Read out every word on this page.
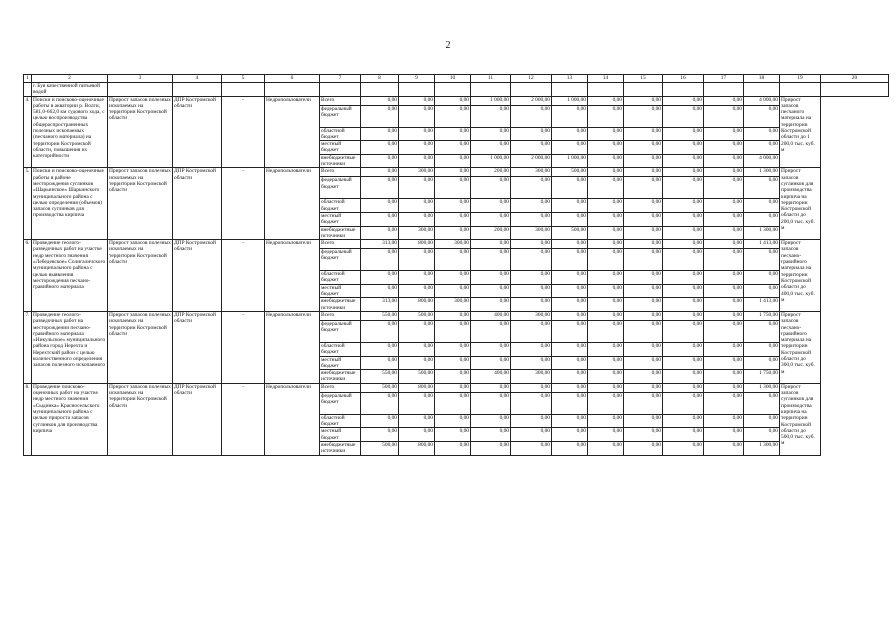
2
1	2	3	4	5	6	7	8	9	10	11	12	13	14	15	16	17	18	19	20
	г. Буя качественной питьевой водой																		
4.	Поиски и поисково-оценочные работы в акватории р. Волги, 581,0-662,0 км судового хода, с целью воспроизводства общераспространенных полезных ископаемых (песчаного материала) на территории Костромской области, повышения их категорийности	Прирост запасов полезных ископаемых на территории Костромской области	ДПР Костромской области	-	Недропользователи	Всего	0,00	0,00	0,00	1 000,00	2 000,00	1 000,00	0,00	0,00	0,00	0,00	4 000,00	Прирост запасов песчаного материала на территории Костромской области до 1 200,0 тыс. куб. м	
						федеральный бюджет	0,00	0,00	0,00	0,00	0,00	0,00	0,00	0,00	0,00	0,00	0,00		
						областной бюджет	0,00	0,00	0,00	0,00	0,00	0,00	0,00	0,00	0,00	0,00	0,00		
						местный бюджет	0,00	0,00	0,00	0,00	0,00	0,00	0,00	0,00	0,00	0,00	0,00		
						внебюджетные источники	0,00	0,00	0,00	1 000,00	2 000,00	1 000,00	0,00	0,00	0,00	0,00	4 000,00		
5.	Поиски и поисково-оценочные работы в районе месторождения суглинков «Шарьинское» Шарьинского муниципального района с целью определения (объемов) запасов суглинков для производства кирпича	Прирост запасов полезных ископаемых на территории Костромской области	ДПР Костромской области	-	Недропользователи	Всего	0,00	300,00	0,00	200,00	300,00	500,00	0,00	0,00	0,00	0,00	1 300,00	Прирост запасов суглинков для производства кирпича на территории Костромской области до 200,0 тыс. куб. м	
						федеральный бюджет	0,00	0,00	0,00	0,00	0,00	0,00	0,00	0,00	0,00	0,00	0,00		
						областной бюджет	0,00	0,00	0,00	0,00	0,00	0,00	0,00	0,00	0,00	0,00	0,00		
						местный бюджет	0,00	0,00	0,00	0,00	0,00	0,00	0,00	0,00	0,00	0,00	0,00		
						внебюджетные источники	0,00	300,00	0,00	200,00	300,00	500,00	0,00	0,00	0,00	0,00	1 300,00		
6.	Проведение геолого-разведочных работ на участке недр местного значения «Лебедевское» Солигаличского муниципального района с целью выявления месторождения песчано-гравийного материала	Прирост запасов полезных ископаемых на территории Костромской области	ДПР Костромской области	-	Недропользователи	Всего	313,00	800,00	300,00	0,00	0,00	0,00	0,00	0,00	0,00	0,00	1 413,00	Прирост запасов песчано-гравийного материала на территории Костромской области до 400,0 тыс. куб. м	
						федеральный бюджет	0,00	0,00	0,00	0,00	0,00	0,00	0,00	0,00	0,00	0,00	0,00		
						областной бюджет	0,00	0,00	0,00	0,00	0,00	0,00	0,00	0,00	0,00	0,00	0,00		
						местный бюджет	0,00	0,00	0,00	0,00	0,00	0,00	0,00	0,00	0,00	0,00	0,00		
						внебюджетные источники	313,00	800,00	300,00	0,00	0,00	0,00	0,00	0,00	0,00	0,00	1 413,00		
7.	Проведение геолого-разведочных работ на месторождении песчано-гравийного материала «Никульское» муниципального района город Нерехта и Нерехтский район с целью количественного определения запасов полезного ископаемого	Прирост запасов полезных ископаемых на территории Костромской области	ДПР Костромской области	-	Недропользователи	Всего	550,00	500,00	0,00	400,00	300,00	0,00	0,00	0,00	0,00	0,00	1 750,00	Прирост запасов песчано-гравийного материала на территории Костромской области до 300,0 тыс. куб. м	
						федеральный бюджет	0,00	0,00	0,00	0,00	0,00	0,00	0,00	0,00	0,00	0,00	0,00		
						областной бюджет	0,00	0,00	0,00	0,00	0,00	0,00	0,00	0,00	0,00	0,00	0,00		
						местный бюджет	0,00	0,00	0,00	0,00	0,00	0,00	0,00	0,00	0,00	0,00	0,00		
						внебюджетные источники	550,00	500,00	0,00	400,00	300,00	0,00	0,00	0,00	0,00	0,00	1 750,00		
8.	Проведение поисково-оценочных работ на участке недр местного значения «Сыдинка» Красносельского муниципального района с целью прироста запасов суглинков для производства кирпича	Прирост запасов полезных ископаемых на территории Костромской области	ДПР Костромской области	-	Недропользователи	Всего	500,00	800,00	0,00	0,00	0,00	0,00	0,00	0,00	0,00	0,00	1 300,00	Прирост запасов суглинков для производства кирпича на территории Костромской области до 500,0 тыс. куб. м	
						федеральный бюджет	0,00	0,00	0,00	0,00	0,00	0,00	0,00	0,00	0,00	0,00	0,00		
						областной бюджет	0,00	0,00	0,00	0,00	0,00	0,00	0,00	0,00	0,00	0,00	0,00		
						местный бюджет	0,00	0,00	0,00	0,00	0,00	0,00	0,00	0,00	0,00	0,00	0,00		
						внебюджетные источники	500,00	800,00	0,00	0,00	0,00	0,00	0,00	0,00	0,00	0,00	1 300,00		
